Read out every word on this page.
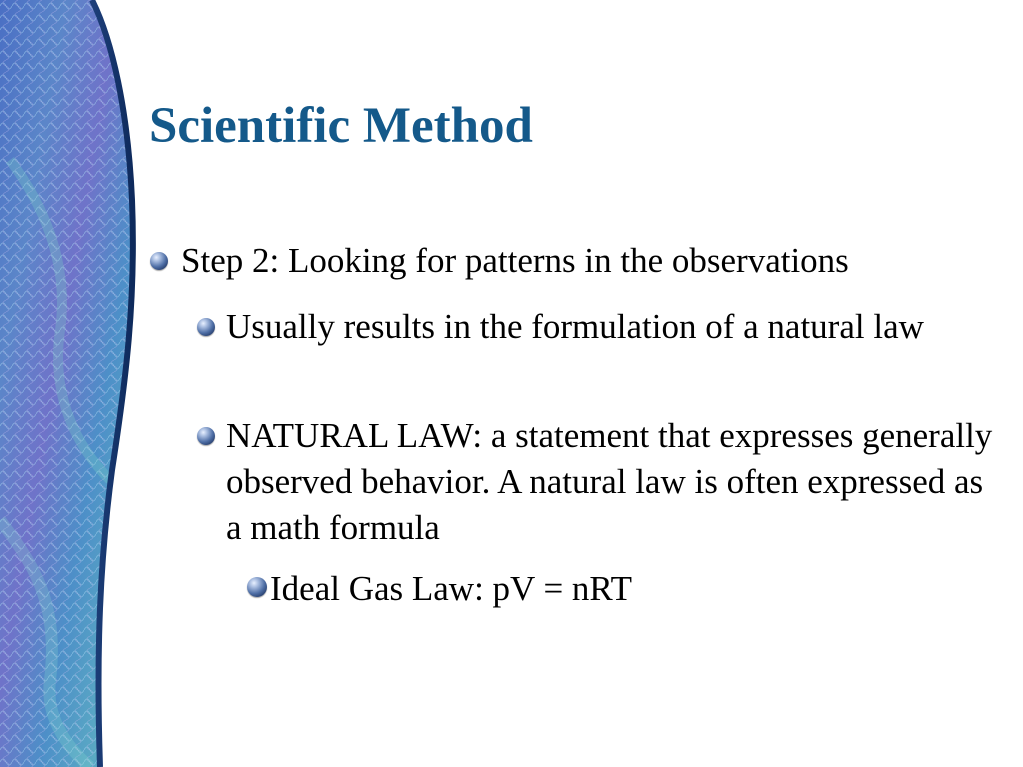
Scientific Method
Step 2: Looking for patterns in the observations
Usually results in the formulation of a natural law
NATURAL LAW: a statement that expresses generally observed behavior. A natural law is often expressed as a math formula
Ideal Gas Law: pV = nRT
